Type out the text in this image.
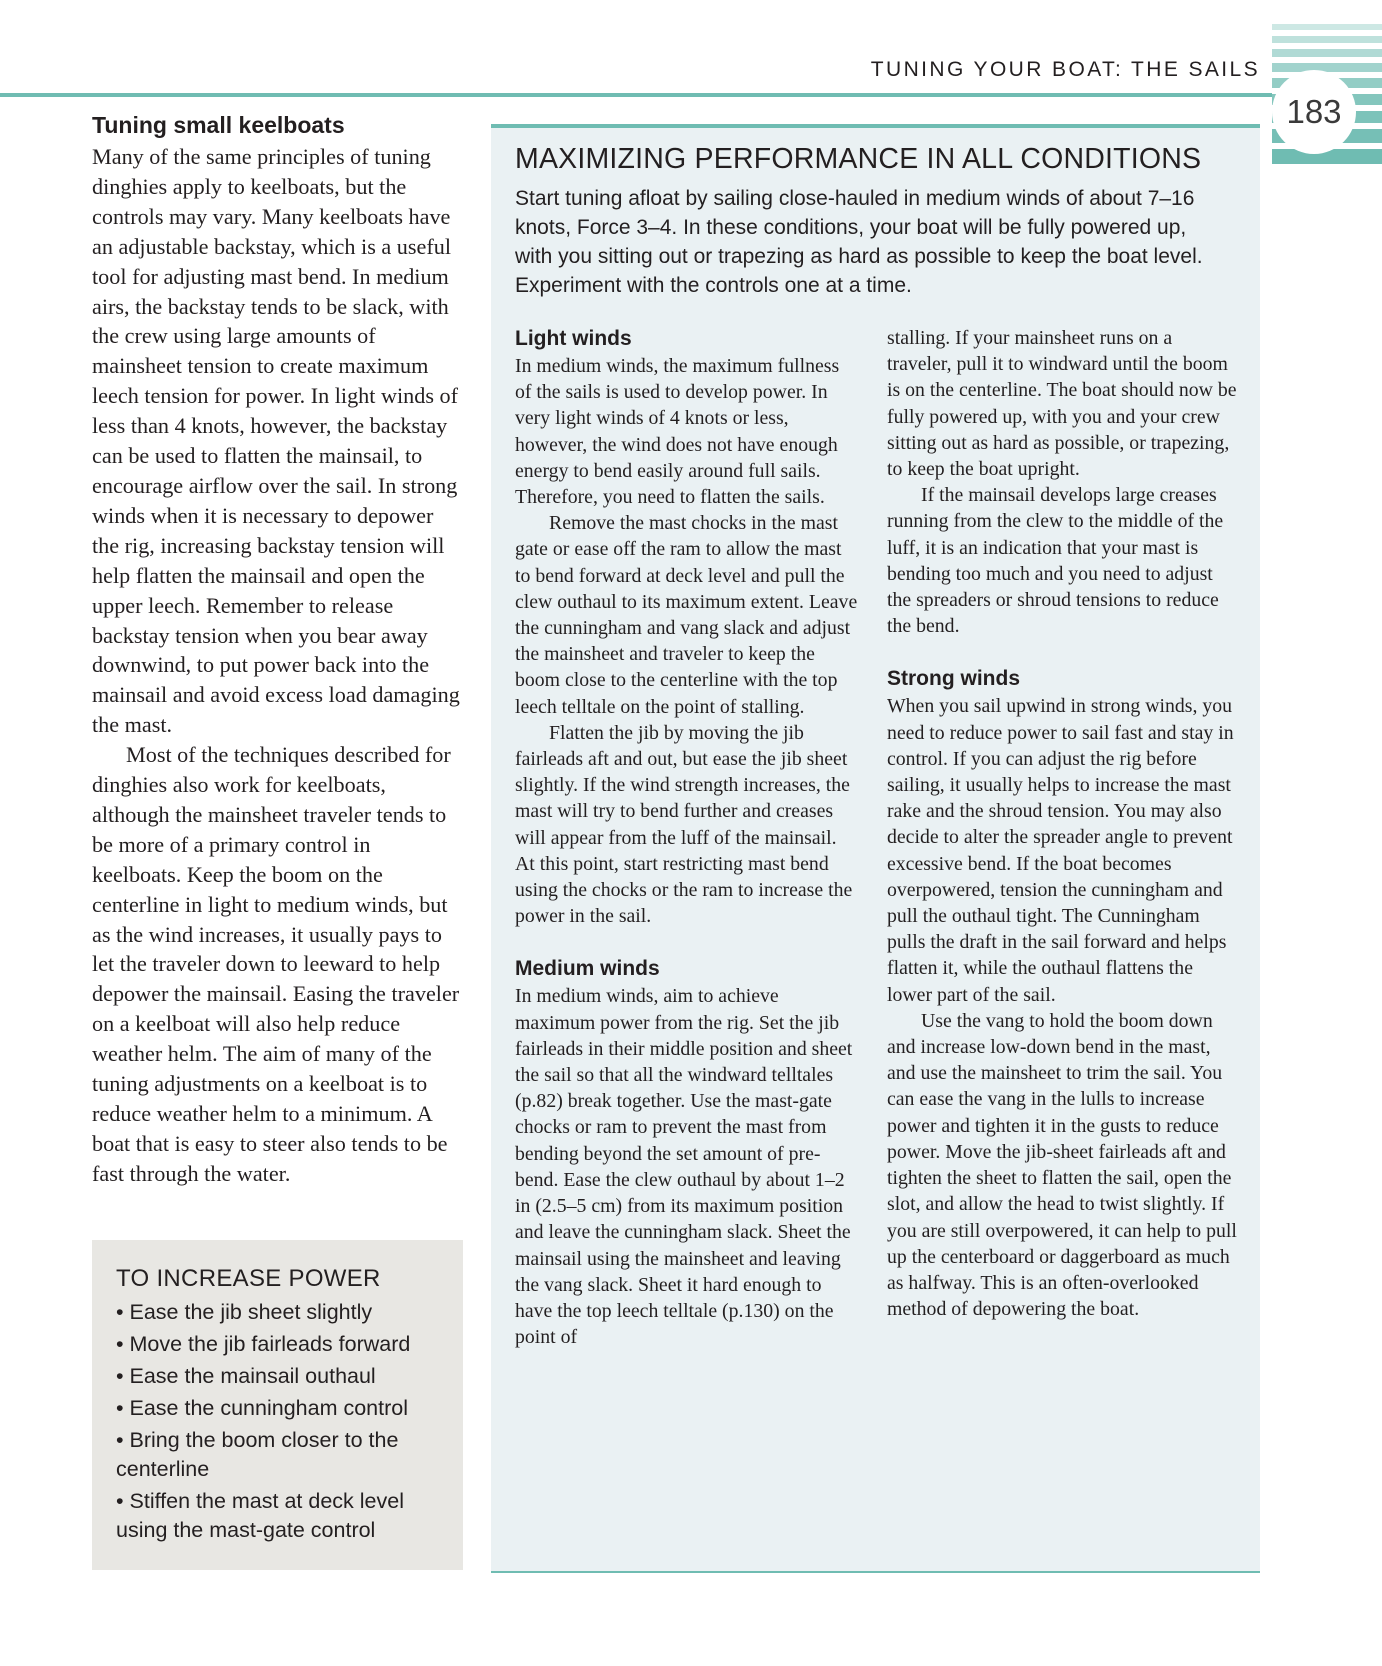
TUNING YOUR BOAT: THE SAILS
183
Tuning small keelboats

Many of the same principles of tuning dinghies apply to keelboats, but the controls may vary. Many keelboats have an adjustable backstay, which is a useful tool for adjusting mast bend. In medium airs, the backstay tends to be slack, with the crew using large amounts of mainsheet tension to create maximum leech tension for power. In light winds of less than 4 knots, however, the backstay can be used to flatten the mainsail, to encourage airflow over the sail. In strong winds when it is necessary to depower the rig, increasing backstay tension will help flatten the mainsail and open the upper leech. Remember to release backstay tension when you bear away downwind, to put power back into the mainsail and avoid excess load damaging the mast.

Most of the techniques described for dinghies also work for keelboats, although the mainsheet traveler tends to be more of a primary control in keelboats. Keep the boom on the centerline in light to medium winds, but as the wind increases, it usually pays to let the traveler down to leeward to help depower the mainsail. Easing the traveler on a keelboat will also help reduce weather helm. The aim of many of the tuning adjustments on a keelboat is to reduce weather helm to a minimum. A boat that is easy to steer also tends to be fast through the water.

TO INCREASE POWER
• Ease the jib sheet slightly
• Move the jib fairleads forward
• Ease the mainsail outhaul
• Ease the cunningham control
• Bring the boom closer to the centerline
• Stiffen the mast at deck level using the mast-gate control
MAXIMIZING PERFORMANCE IN ALL CONDITIONS

Start tuning afloat by sailing close-hauled in medium winds of about 7–16 knots, Force 3–4. In these conditions, your boat will be fully powered up, with you sitting out or trapezing as hard as possible to keep the boat level. Experiment with the controls one at a time.

Light winds

In medium winds, the maximum fullness of the sails is used to develop power. In very light winds of 4 knots or less, however, the wind does not have enough energy to bend easily around full sails. Therefore, you need to flatten the sails.

Remove the mast chocks in the mast gate or ease off the ram to allow the mast to bend forward at deck level and pull the clew outhaul to its maximum extent. Leave the cunningham and vang slack and adjust the mainsheet and traveler to keep the boom close to the centerline with the top leech telltale on the point of stalling.

Flatten the jib by moving the jib fairleads aft and out, but ease the jib sheet slightly. If the wind strength increases, the mast will try to bend further and creases will appear from the luff of the mainsail. At this point, start restricting mast bend using the chocks or the ram to increase the power in the sail.

Medium winds

In medium winds, aim to achieve maximum power from the rig. Set the jib fairleads in their middle position and sheet the sail so that all the windward telltales (p.82) break together. Use the mast-gate chocks or ram to prevent the mast from bending beyond the set amount of pre-bend. Ease the clew outhaul by about 1–2 in (2.5–5 cm) from its maximum position and leave the cunningham slack. Sheet the mainsail using the mainsheet and leaving the vang slack. Sheet it hard enough to have the top leech telltale (p.130) on the point of

stalling. If your mainsheet runs on a traveler, pull it to windward until the boom is on the centerline. The boat should now be fully powered up, with you and your crew sitting out as hard as possible, or trapezing, to keep the boat upright.

If the mainsail develops large creases running from the clew to the middle of the luff, it is an indication that your mast is bending too much and you need to adjust the spreaders or shroud tensions to reduce the bend.

Strong winds

When you sail upwind in strong winds, you need to reduce power to sail fast and stay in control. If you can adjust the rig before sailing, it usually helps to increase the mast rake and the shroud tension. You may also decide to alter the spreader angle to prevent excessive bend. If the boat becomes overpowered, tension the cunningham and pull the outhaul tight. The Cunningham pulls the draft in the sail forward and helps flatten it, while the outhaul flattens the lower part of the sail.

Use the vang to hold the boom down and increase low-down bend in the mast, and use the mainsheet to trim the sail. You can ease the vang in the lulls to increase power and tighten it in the gusts to reduce power. Move the jib-sheet fairleads aft and tighten the sheet to flatten the sail, open the slot, and allow the head to twist slightly. If you are still overpowered, it can help to pull up the centerboard or daggerboard as much as halfway. This is an often-overlooked method of depowering the boat.
